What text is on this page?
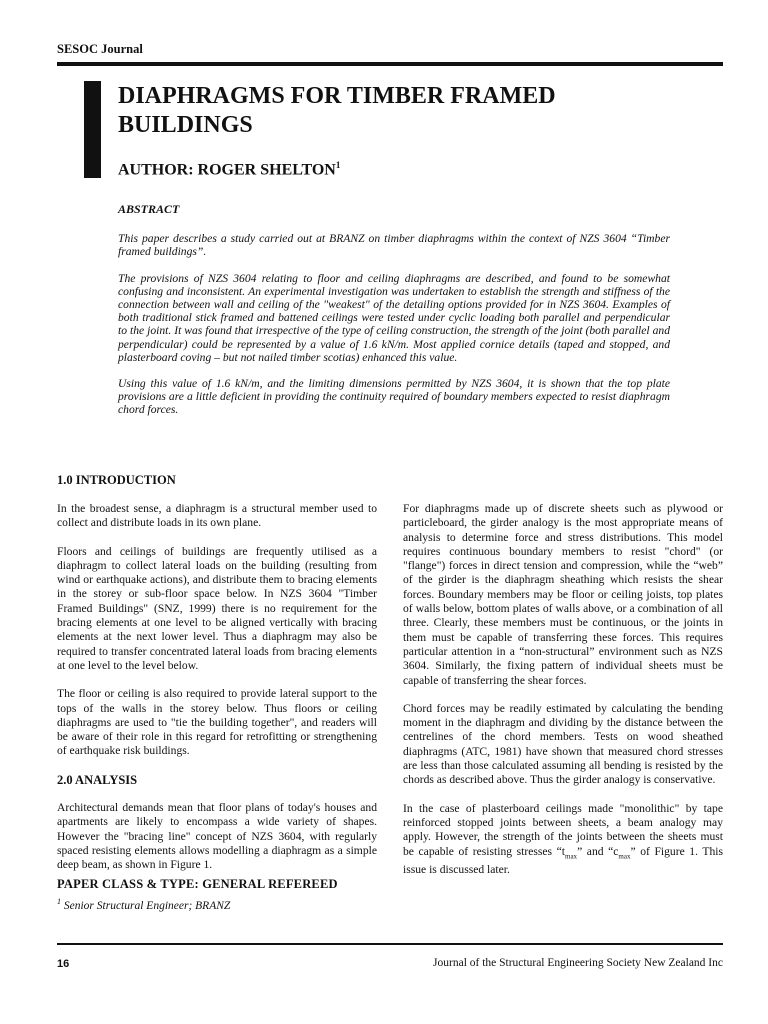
SESOC Journal
DIAPHRAGMS FOR TIMBER FRAMED BUILDINGS
AUTHOR: ROGER SHELTON$^1$

ABSTRACT

This paper describes a study carried out at BRANZ on timber diaphragms within the context of NZS 3604 “Timber framed buildings”.

The provisions of NZS 3604 relating to floor and ceiling diaphragms are described, and found to be somewhat confusing and inconsistent. An experimental investigation was undertaken to establish the strength and stiffness of the connection between wall and ceiling of the "weakest" of the detailing options provided for in NZS 3604. Examples of both traditional stick framed and battened ceilings were tested under cyclic loading both parallel and perpendicular to the joint. It was found that irrespective of the type of ceiling construction, the strength of the joint (both parallel and perpendicular) could be represented by a value of 1.6 kN/m. Most applied cornice details (taped and stopped, and plasterboard coving – but not nailed timber scotias) enhanced this value.

Using this value of 1.6 kN/m, and the limiting dimensions permitted by NZS 3604, it is shown that the top plate provisions are a little deficient in providing the continuity required of boundary members expected to resist diaphragm chord forces.

1.0 INTRODUCTION

In the broadest sense, a diaphragm is a structural member used to collect and distribute loads in its own plane.

Floors and ceilings of buildings are frequently utilised as a diaphragm to collect lateral loads on the building (resulting from wind or earthquake actions), and distribute them to bracing elements in the storey or sub-floor space below. In NZS 3604 "Timber Framed Buildings" (SNZ, 1999) there is no requirement for the bracing elements at one level to be aligned vertically with bracing elements at the next lower level. Thus a diaphragm may also be required to transfer concentrated lateral loads from bracing elements at one level to the level below.

The floor or ceiling is also required to provide lateral support to the tops of the walls in the storey below. Thus floors or ceiling diaphragms are used to "tie the building together", and readers will be aware of their role in this regard for retrofitting or strengthening of earthquake risk buildings.

2.0 ANALYSIS

Architectural demands mean that floor plans of today's houses and apartments are likely to encompass a wide variety of shapes. However the "bracing line" concept of NZS 3604, with regularly spaced resisting elements allows modelling a diaphragm as a simple deep beam, as shown in Figure 1.

PAPER CLASS & TYPE: GENERAL REFEREED
$^1$ Senior Structural Engineer; BRANZ

For diaphragms made up of discrete sheets such as plywood or particleboard, the girder analogy is the most appropriate means of analysis to determine force and stress distributions. This model requires continuous boundary members to resist "chord" (or "flange") forces in direct tension and compression, while the “web” of the girder is the diaphragm sheathing which resists the shear forces. Boundary members may be floor or ceiling joists, top plates of walls below, bottom plates of walls above, or a combination of all three. Clearly, these members must be continuous, or the joints in them must be capable of transferring these forces. This requires particular attention in a “non-structural” environment such as NZS 3604. Similarly, the fixing pattern of individual sheets must be capable of transferring the shear forces.

Chord forces may be readily estimated by calculating the bending moment in the diaphragm and dividing by the distance between the centrelines of the chord members. Tests on wood sheathed diaphragms (ATC, 1981) have shown that measured chord stresses are less than those calculated assuming all bending is resisted by the chords as described above. Thus the girder analogy is conservative.

In the case of plasterboard ceilings made "monolithic" by tape reinforced stopped joints between sheets, a beam analogy may apply. However, the strength of the joints between the sheets must be capable of resisting stresses “$t_{max}$” and “$c_{max}$” of Figure 1. This issue is discussed later.

16	Journal of the Structural Engineering Society New Zealand Inc
